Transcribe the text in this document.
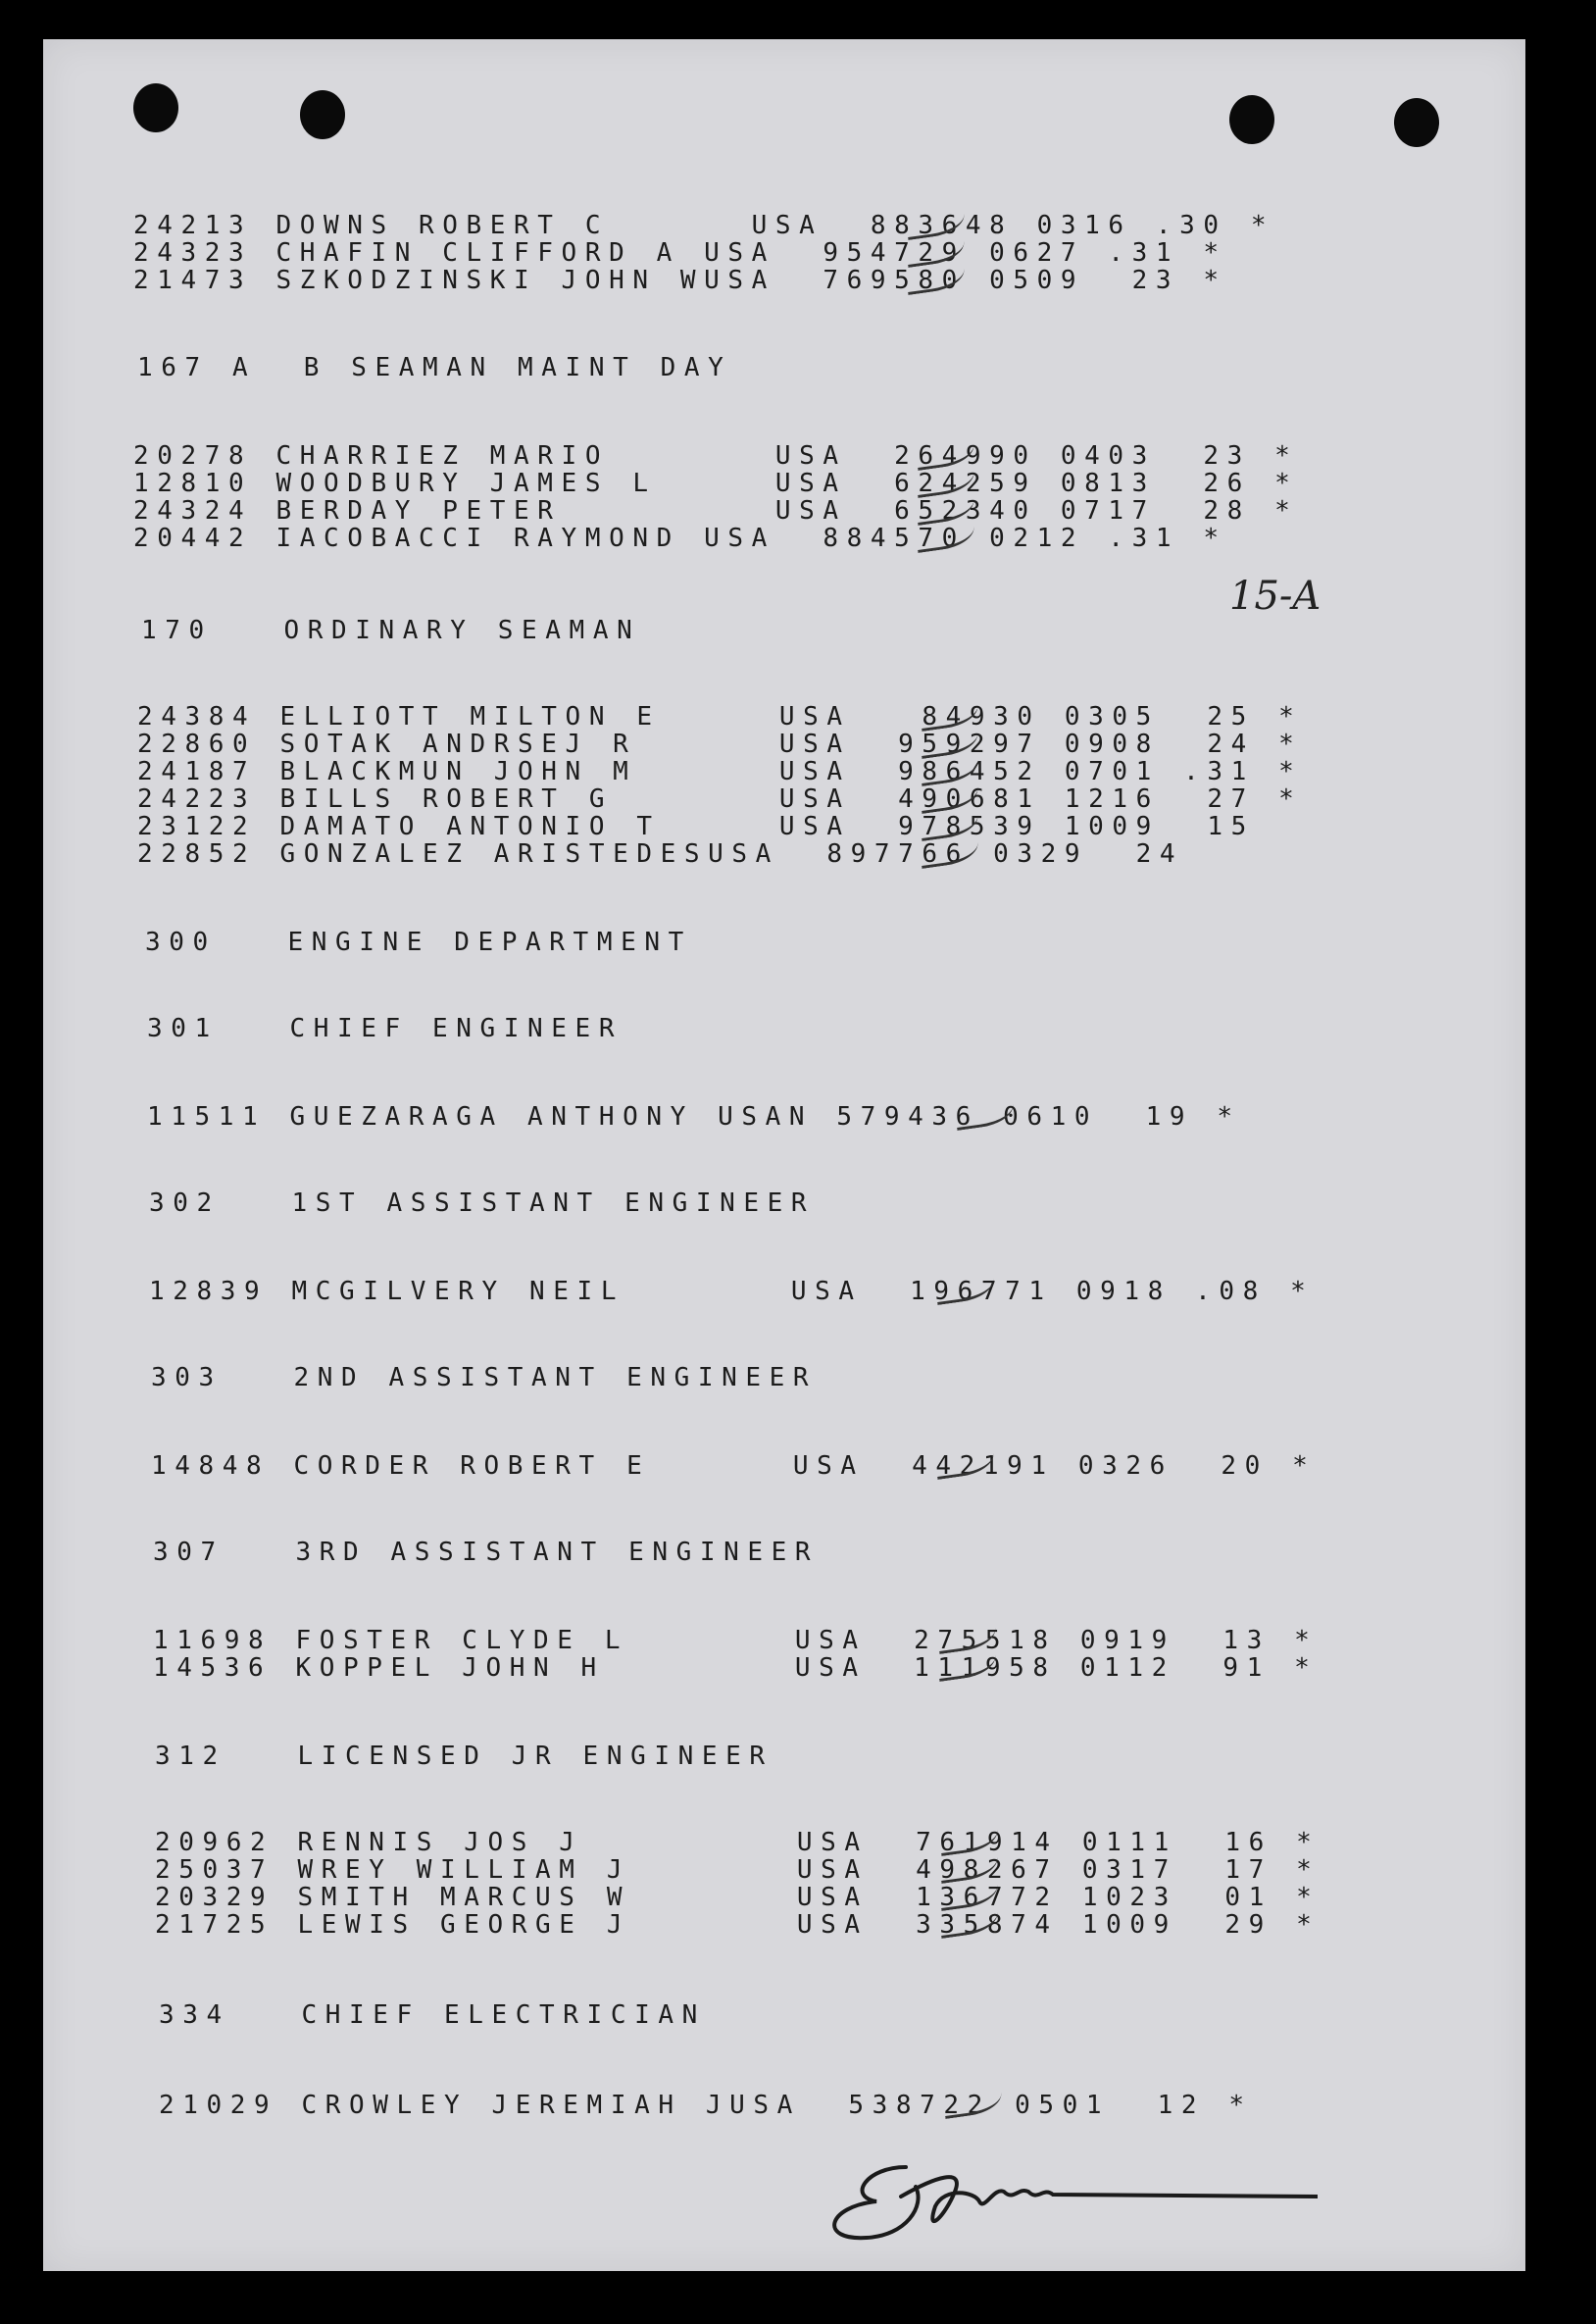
24213 DOWNS ROBERT C      USA  883648 0316 .30 *
24323 CHAFIN CLIFFORD A USA  954729 0627 .31 *
21473 SZKODZINSKI JOHN WUSA  769580 0509  23 *
167 A  B SEAMAN MAINT DAY
20278 CHARRIEZ MARIO       USA  264990 0403  23 *
12810 WOODBURY JAMES L     USA  624259 0813  26 *
24324 BERDAY PETER         USA  652340 0717  28 *
20442 IACOBACCI RAYMOND USA  884570 0212 .31 *
15-A
170   ORDINARY SEAMAN
24384 ELLIOTT MILTON E     USA   84930 0305  25 *
22860 SOTAK ANDRSEJ R      USA  959297 0908  24 *
24187 BLACKMUN JOHN M      USA  986452 0701 .31 *
24223 BILLS ROBERT G       USA  490681 1216  27 *
23122 DAMATO ANTONIO T     USA  978539 1009  15
22852 GONZALEZ ARISTEDESUSA  897766 0329  24
300   ENGINE DEPARTMENT
301   CHIEF ENGINEER
11511 GUEZARAGA ANTHONY USAN 579436 0610  19 *
302   1ST ASSISTANT ENGINEER
12839 MCGILVERY NEIL       USA  196771 0918 .08 *
303   2ND ASSISTANT ENGINEER
14848 CORDER ROBERT E      USA  442191 0326  20 *
307   3RD ASSISTANT ENGINEER
11698 FOSTER CLYDE L       USA  275518 0919  13 *
14536 KOPPEL JOHN H        USA  111958 0112  91 *
312   LICENSED JR ENGINEER
20962 RENNIS JOS J         USA  761914 0111  16 *
25037 WREY WILLIAM J       USA  498267 0317  17 *
20329 SMITH MARCUS W       USA  136772 1023  01 *
21725 LEWIS GEORGE J       USA  335874 1009  29 *
334   CHIEF ELECTRICIAN
21029 CROWLEY JEREMIAH JUSA  538722 0501  12 *
